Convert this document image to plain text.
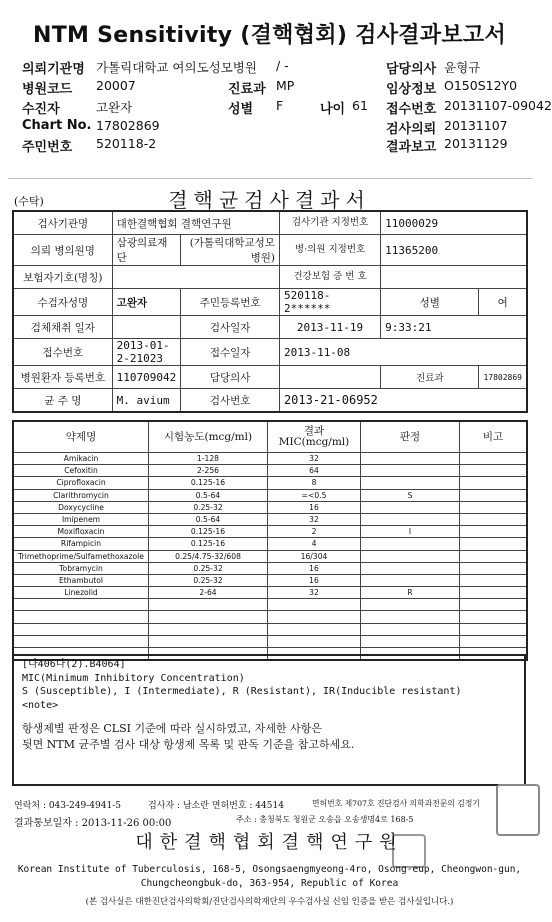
NTM Sensitivity (결핵협회) 검사결과보고서
의뢰기관명 가톨릭대학교 여의도성모병원
병원코드 20007
수진자	고완자
Chart No. 17802869
주민번호 520118-2
/ -
진료과 MP
성별 F	나이 61
담당의사 윤형규
임상정보 O150S12Y0
접수번호 20131107-09042
검사의뢰 20131107
결과보고 20131129
(수탁)	결핵균검사결과서
검사기관명	대한결핵협회 결핵연구원		검사기관 지정번호	11000029	
의뢰 병의원명	삼광의료재단	(가톨릭대학교성모병원)	병·의원 지정번호	11365200	
보험자기호(명칭)			건강보험 증 번 호		
수검자성명	고완자	주민등록번호	520118-2******	성별	여
검체채취 일자		검사일자	2013-11-19	9:33:21	
접수번호	2013-01-2-21023	접수일자	2013-11-08		
병원환자 등록번호	110709042	담당의사		진료과	17802869
균 주 명	M. avium	검사번호	2013-21-06952		
약제명	시험농도(mcg/ml)	결과 MIC(mcg/ml)	판정	비고
Amikacin	1-128	32		
Cefoxitin	2-256	64		
Ciprofloxacin	0.125-16	8		
Clarithromycin	0.5-64	=<0.5	S	
Doxycycline	0.25-32	16		
Imipenem	0.5-64	32		
Moxifloxacin	0.125-16	2	I	
Rifampicin	0.125-16	4		
Trimethoprime/Sulfamethoxazole	0.25/4.75-32/608	16/304		
Tobramycin	0.25-32	16		
Ethambutol	0.25-32	16		
Linezolid	2-64	32	R	

[나406다(2).B4064]
MIC(Minimum Inhibitory Concentration)
S (Susceptible), I (Intermediate), R (Resistant), IR(Inducible resistant)
<note>
항생제별 판정은 CLSI 기준에 따라 실시하였고, 자세한 사항은
뒷면 NTM 균주별 검사 대상 항생제 목록 및 판독 기준을 참고하세요.
연락처 : 043-249-4941-5	검사자 : 남소란 면허번호 : 44514	면허번호 제707호 진단검사 의학과전문의 김정기
결과통보일자 : 2013-11-26 00:00	주소 : 충청북도 청원군 오송읍 오송생명4로 168-5
대한결핵협회결핵연구원
Korean Institute of Tuberculosis, 168-5, Osongsaengmyeong-4ro, Osong-eup, Cheongwon-gun,
Chungcheongbuk-do, 363-954, Republic of Korea
(본 검사실은 대한진단검사의학회/진단검사의학재단의 우수검사실 신임 인증을 받은 검사실입니다.)
